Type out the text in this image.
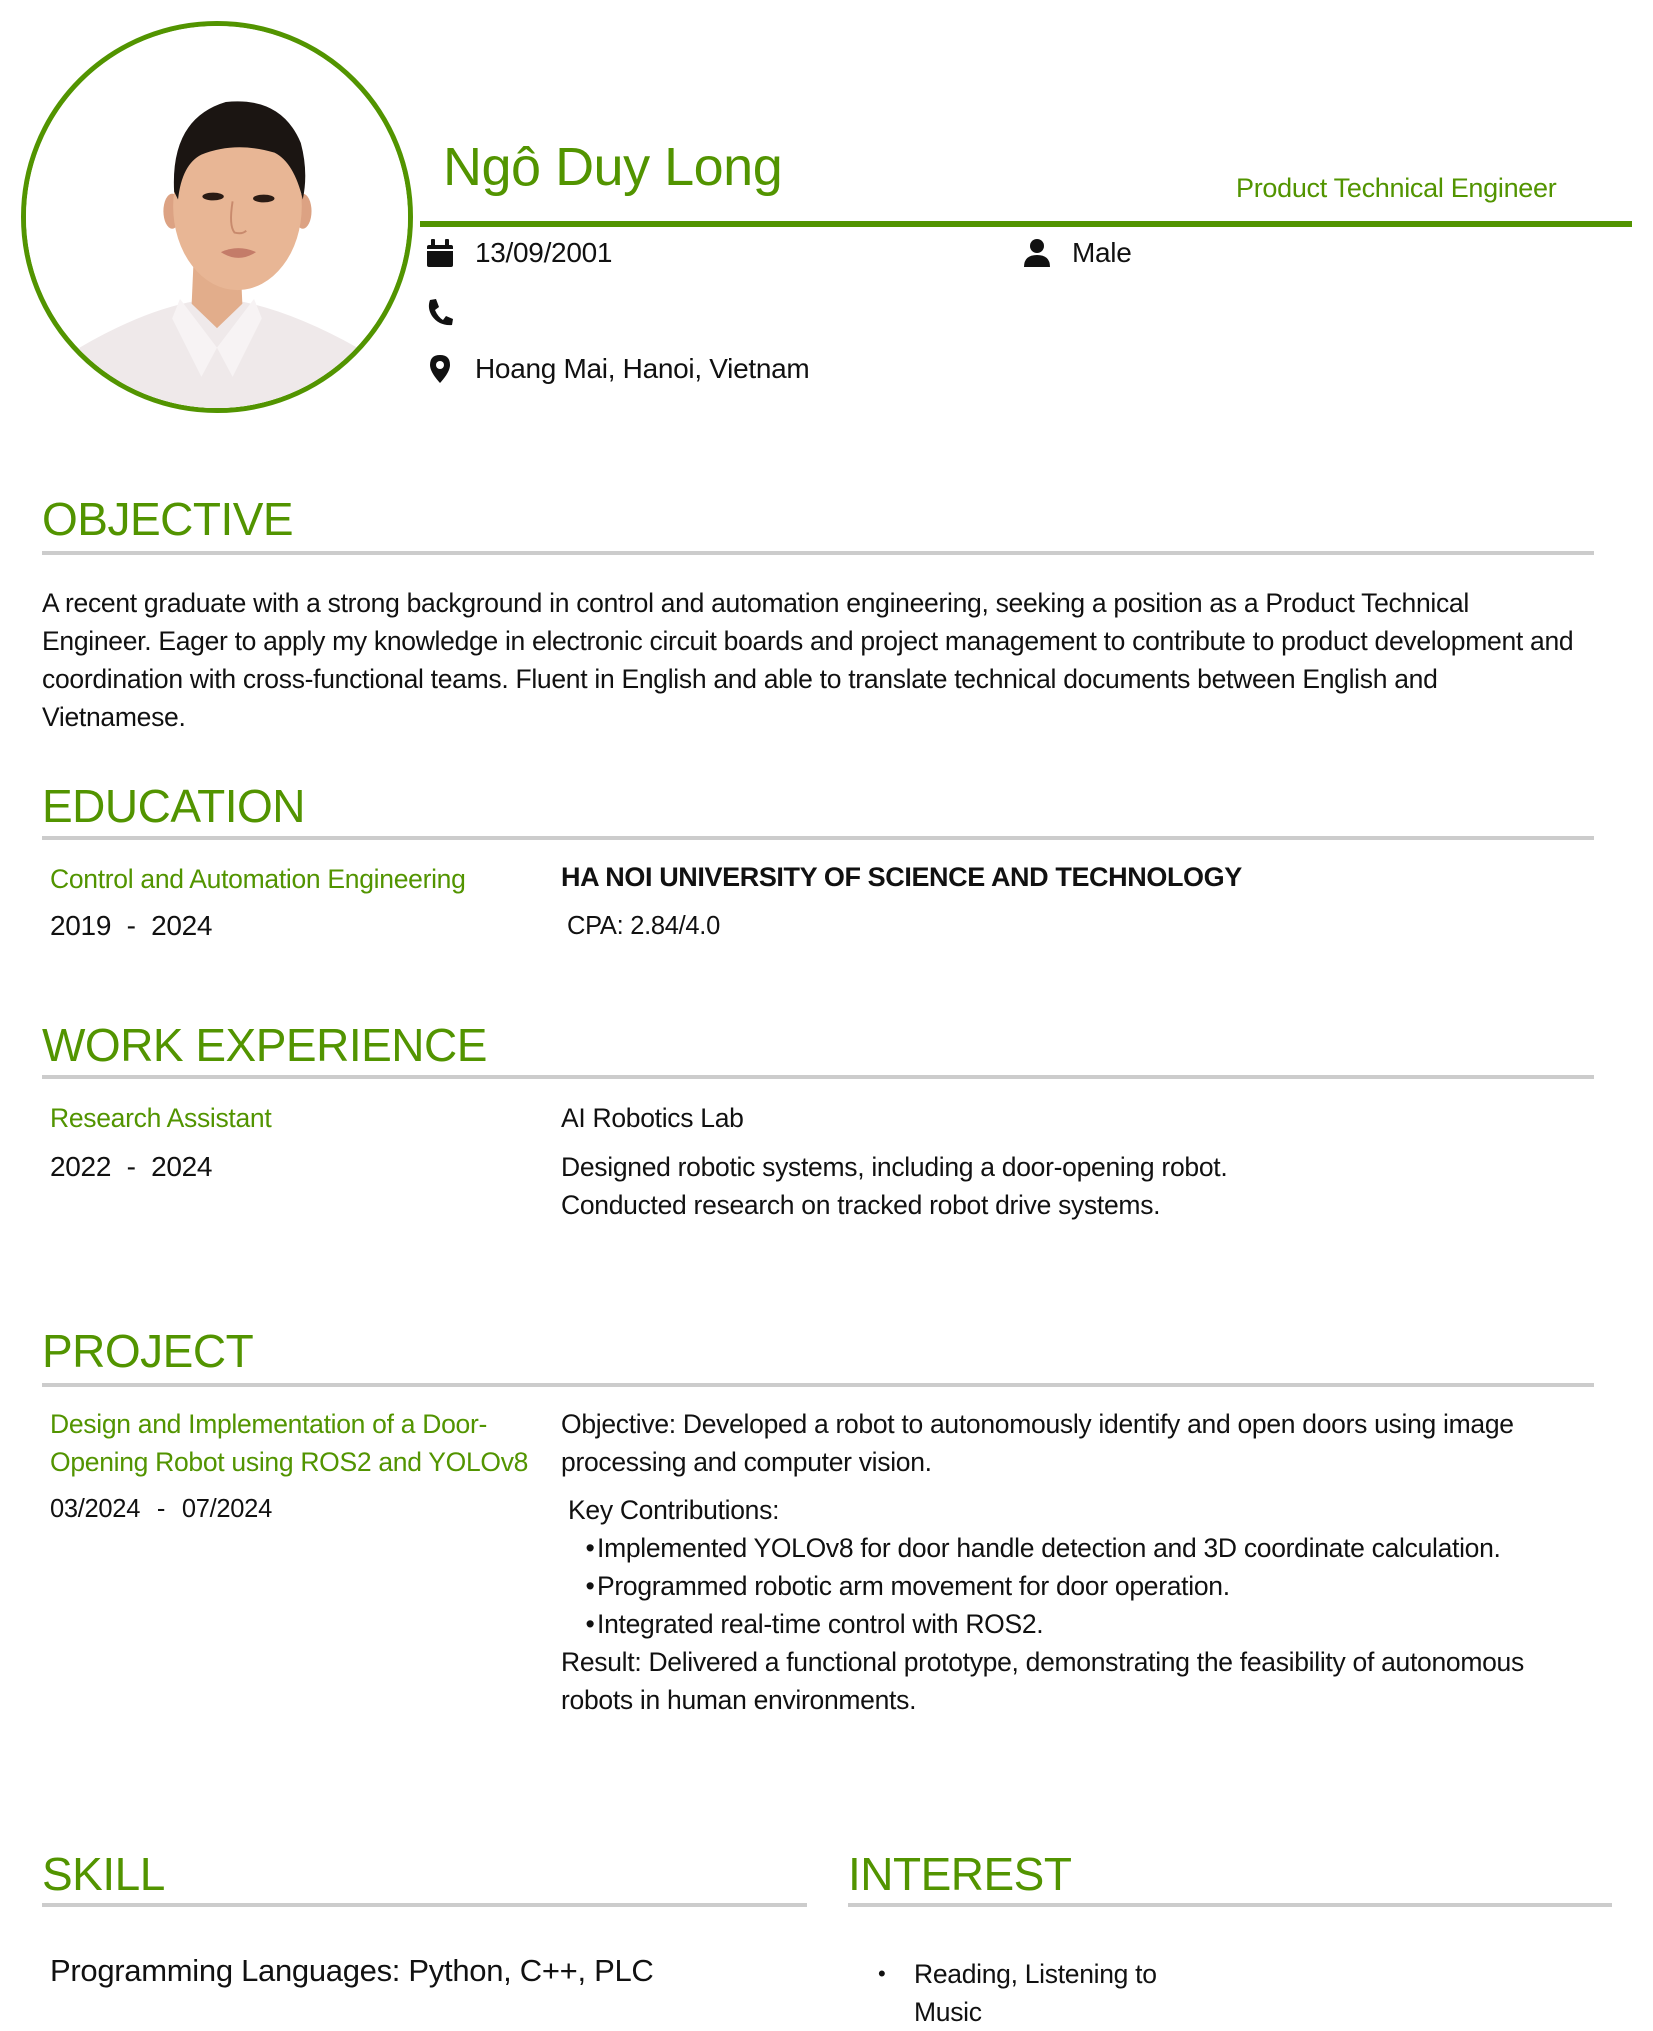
Ngô Duy Long	Product Technical Engineer
13/09/2001	Male
Hoang Mai, Hanoi, Vietnam
OBJECTIVE
A recent graduate with a strong background in control and automation engineering, seeking a position as a Product Technical
Engineer. Eager to apply my knowledge in electronic circuit boards and project management to contribute to product development and
coordination with cross-functional teams. Fluent in English and able to translate technical documents between English and
Vietnamese.
EDUCATION
Control and Automation Engineering
2019 - 2024
HA NOI UNIVERSITY OF SCIENCE AND TECHNOLOGY
CPA: 2.84/4.0
WORK EXPERIENCE
Research Assistant
2022 - 2024
AI Robotics Lab
Designed robotic systems, including a door-opening robot.
Conducted research on tracked robot drive systems.
PROJECT
Design and Implementation of a Door-
Opening Robot using ROS2 and YOLOv8
03/2024 - 07/2024
Objective: Developed a robot to autonomously identify and open doors using image
processing and computer vision.
Key Contributions:
• Implemented YOLOv8 for door handle detection and 3D coordinate calculation.
• Programmed robotic arm movement for door operation.
• Integrated real-time control with ROS2.
Result: Delivered a functional prototype, demonstrating the feasibility of autonomous
robots in human environments.
SKILL
Programming Languages: Python, C++, PLC
INTEREST
•	Reading, Listening to
Music
